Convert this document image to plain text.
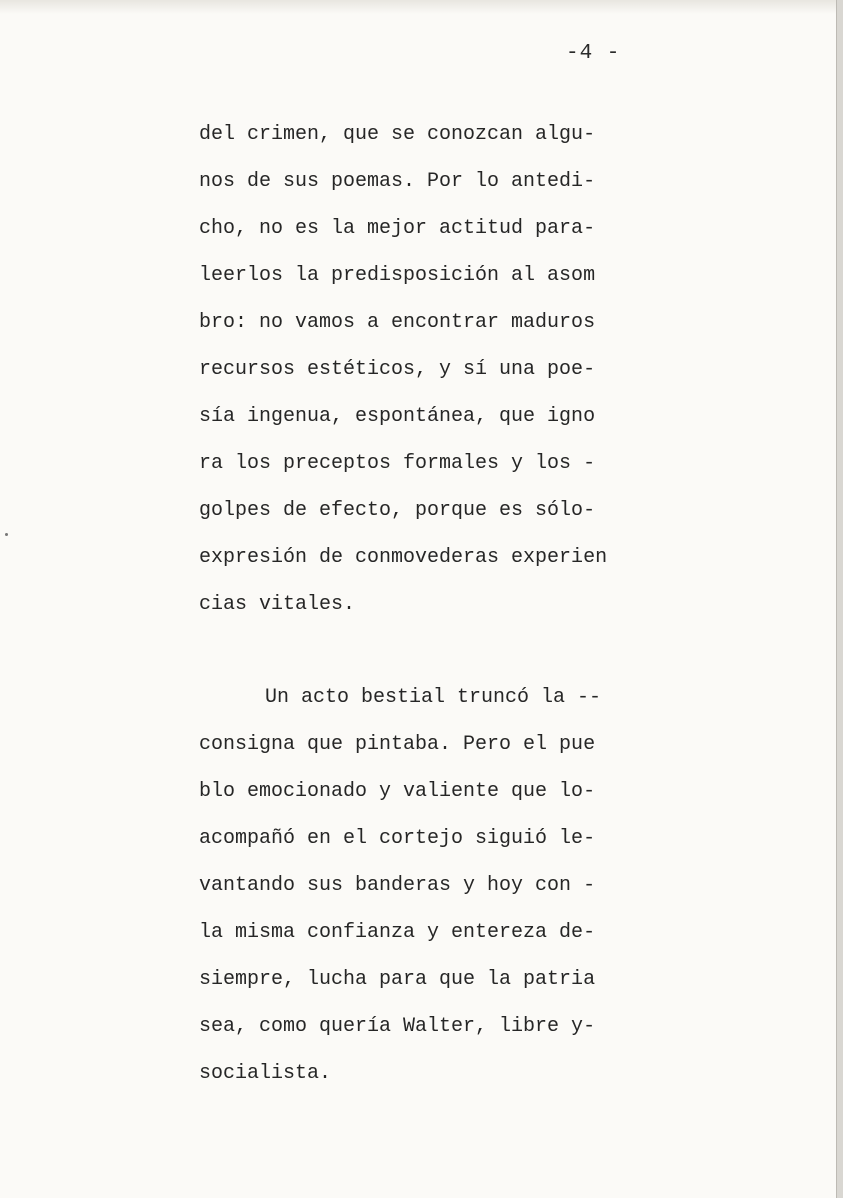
-4 -

del crimen, que se conozcan algu-
nos de sus poemas. Por lo antedi-
cho, no es la mejor actitud para-
leerlos la predisposición al asom
bro: no vamos a encontrar maduros
recursos estéticos, y sí una poe-
sía ingenua, espontánea, que igno
ra los preceptos formales y los -
golpes de efecto, porque es sólo-
expresión de conmovederas experien
cias vitales.
Un acto bestial truncó la --
consigna que pintaba. Pero el pue
blo emocionado y valiente que lo-
acompañó en el cortejo siguió le-
vantando sus banderas y hoy con -
la misma confianza y entereza de-
siempre, lucha para que la patria
sea, como quería Walter, libre y-
socialista.
